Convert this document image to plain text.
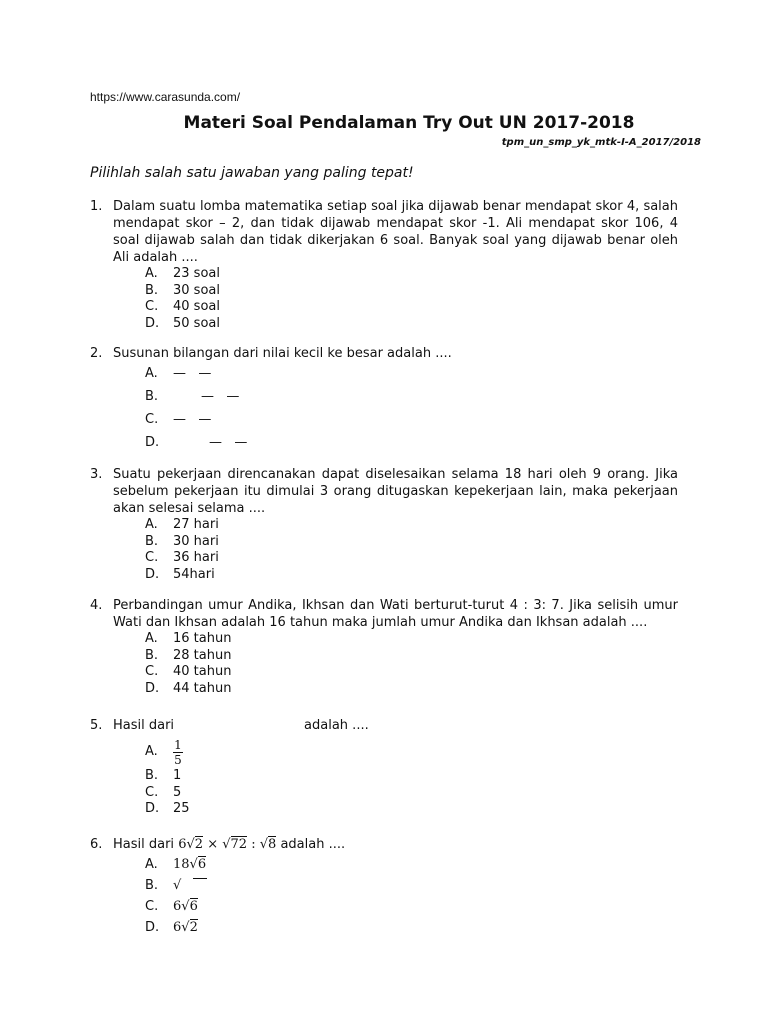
https://www.carasunda.com/
Materi Soal Pendalaman Try Out UN 2017-2018
tpm_un_smp_yk_mtk-I-A_2017/2018
Pilihlah salah satu jawaban yang paling tepat!
1. Dalam suatu lomba matematika setiap soal jika dijawab benar mendapat skor 4, salah mendapat skor – 2, dan tidak dijawab mendapat skor -1. Ali mendapat skor 106, 4 soal dijawab salah dan tidak dikerjakan 6 soal. Banyak soal yang dijawab benar oleh Ali adalah ....
A.	23 soal
B.	30 soal
C.	40 soal
D.	50 soal
2. Susunan bilangan dari nilai kecil ke besar adalah ....
A.	—   —
B.	—   —
C.	—   —
D.	—   —
3. Suatu pekerjaan direncanakan dapat diselesaikan selama 18 hari oleh 9 orang. Jika sebelum pekerjaan itu dimulai 3 orang ditugaskan kepekerjaan lain, maka pekerjaan akan selesai selama ....
A.	27 hari
B.	30 hari
C.	36 hari
D.	54hari
4. Perbandingan umur Andika, Ikhsan dan Wati berturut-turut 4 : 3: 7. Jika selisih umur Wati dan Ikhsan adalah 16 tahun maka jumlah umur Andika dan Ikhsan adalah ....
A.	16 tahun
B.	28 tahun
C.	40 tahun
D.	44 tahun
5. Hasil dari	adalah ....
A.	$\frac{1}{5}$
B.	1
C.	5
D.	25
6. Hasil dari 6√2 × √72 : √8 adalah ....
A.	18√6
B.	√
C.	6√6
D.	6√2
